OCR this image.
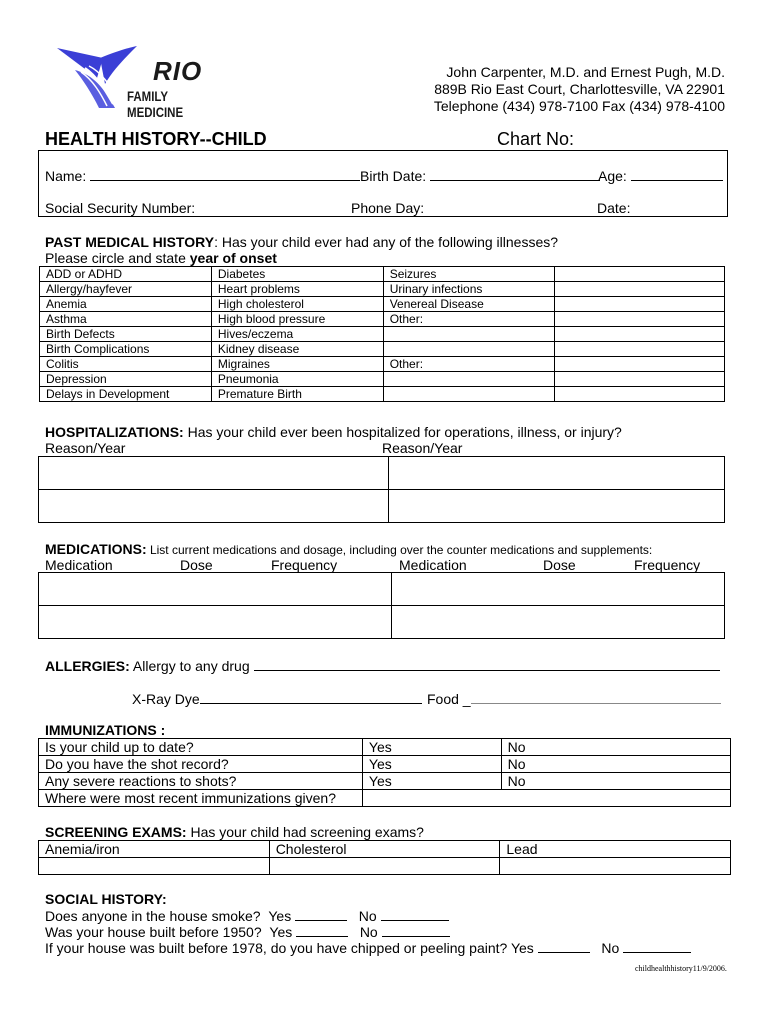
RIO
FAMILY MEDICINE
John Carpenter, M.D. and Ernest Pugh, M.D.
889B Rio East Court, Charlottesville, VA 22901
Telephone (434) 978-7100 Fax (434) 978-4100
HEALTH HISTORY--CHILD	Chart No:
Name:	Birth Date:	Age:
Social Security Number:	Phone Day:	Date:
PAST MEDICAL HISTORY: Has your child ever had any of the following illnesses?
Please circle and state year of onset
ADD or ADHD	Diabetes	Seizures	
Allergy/hayfever	Heart problems	Urinary infections	
Anemia	High cholesterol	Venereal Disease	
Asthma	High blood pressure	Other:	
Birth Defects	Hives/eczema		
Birth Complications	Kidney disease		
Colitis	Migraines	Other:	
Depression	Pneumonia		
Delays in Development	Premature Birth		
HOSPITALIZATIONS: Has your child ever been hospitalized for operations, illness, or injury?
Reason/Year	Reason/Year

MEDICATIONS: List current medications and dosage, including over the counter medications and supplements:
Medication	Dose	Frequency	Medication	Dose	Frequency

ALLERGIES: Allergy to any drug
X-Ray Dye	Food _
IMMUNIZATIONS :
Is your child up to date?	Yes	No
Do you have the shot record?	Yes	No
Any severe reactions to shots?	Yes	No
Where were most recent immunizations given?		
SCREENING EXAMS: Has your child had screening exams?
Anemia/iron	Cholesterol	Lead

SOCIAL HISTORY:
Does anyone in the house smoke? Yes	No
Was your house built before 1950? Yes	No
If your house was built before 1978, do you have chipped or peeling paint? Yes	No
childhealthhistory11/9/2006.
